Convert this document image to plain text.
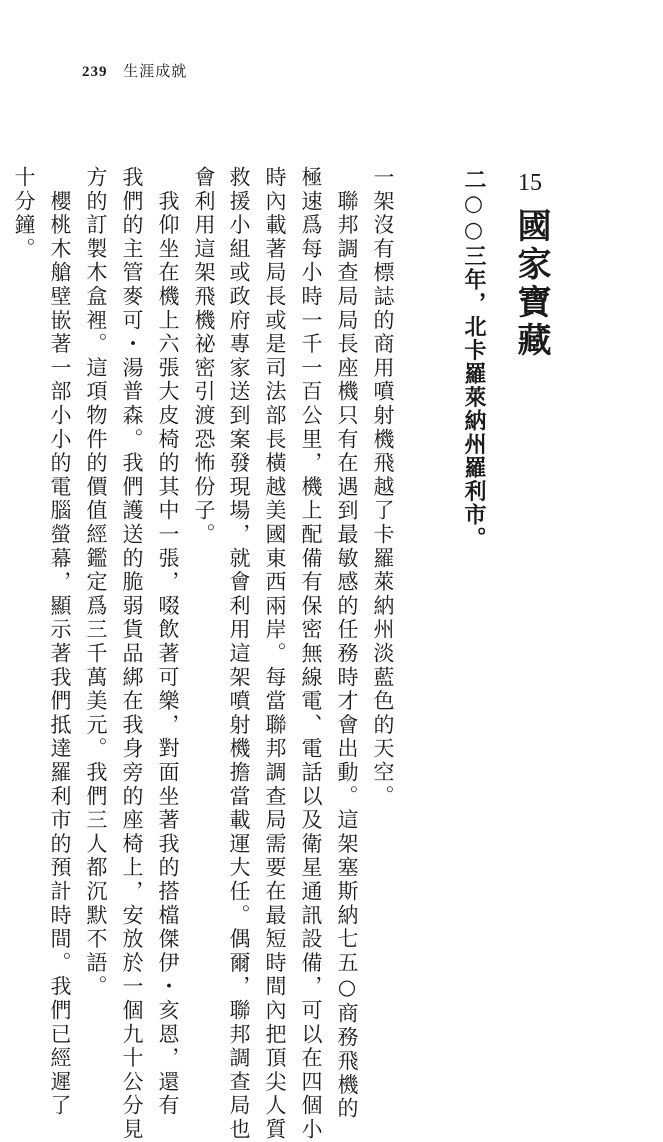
239 生涯成就
15
國家寶藏
二○○三年，北卡羅萊納州羅利市。
一架沒有標誌的商用噴射機飛越了卡羅萊納州淡藍色的天空。
　聯邦調查局局長座機只有在遇到最敏感的任務時才會出動。這架塞斯納七五○商務飛機的
極速爲每小時一千一百公里，機上配備有保密無線電、電話以及衛星通訊設備，可以在四個小
時內載著局長或是司法部長橫越美國東西兩岸。每當聯邦調查局需要在最短時間內把頂尖人質
救援小組或政府專家送到案發現場，就會利用這架噴射機擔當載運大任。偶爾，聯邦調查局也
會利用這架飛機祕密引渡恐怖份子。
　我仰坐在機上六張大皮椅的其中一張，啜飲著可樂，對面坐著我的搭檔傑伊・亥恩，還有
我們的主管麥可・湯普森。我們護送的脆弱貨品綁在我身旁的座椅上，安放於一個九十公分見
方的訂製木盒裡。這項物件的價值經鑑定爲三千萬美元。我們三人都沉默不語。
　櫻桃木艙壁嵌著一部小小的電腦螢幕，顯示著我們抵達羅利市的預計時間。我們已經遲了
十分鐘。
